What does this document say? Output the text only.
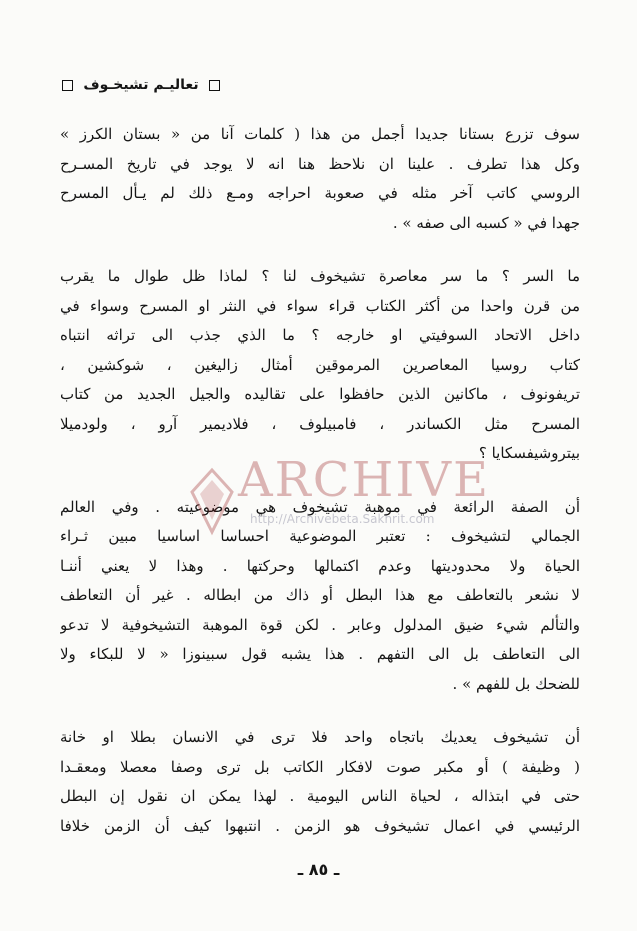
تعاليـم تشيخـوف

سوف تزرع بستانا جديدا أجمل من هذا ( كلمات آنا من « بستان الكرز »

وكل هذا تطرف . علينا ان نلاحظ هنا انه لا يوجد في تاريخ المسـرح

الروسي كاتب آخر مثله في صعوبة احراجه ومـع ذلك لم يـأل المسرح

جهدا في « كسبه الى صفه » .

ما السر ؟ ما سر معاصرة تشيخوف لنا ؟ لماذا ظل طوال ما يقرب

من قرن واحدا من أكثر الكتاب قراء سواء في النثر او المسرح وسواء في

داخل الاتحاد السوفيتي او خارجه ؟ ما الذي جذب الى تراثه انتباه

كتاب روسيا المعاصرين المرموقين أمثال زاليغين ، شوكشين ،

تريفونوف ، ماكانين الذين حافظوا على تقاليده والجيل الجديد من كتاب

المسرح مثل الكساندر ، فامبيلوف ، فلاديمير آرو ، ولودميلا

بيتروشيفسكايا ؟

أن الصفة الرائعة في موهبة تشيخوف هي موضوعيته . وفي العالم

الجمالي لتشيخوف : تعتبر الموضوعية احساسا اساسيا مبين ثـراء

الحياة ولا محدوديتها وعدم اكتمالها وحركتها . وهذا لا يعني أننـا

لا نشعر بالتعاطف مع هذا البطل أو ذاك من ابطاله . غير أن التعاطف

والتألم شيء ضيق المدلول وعابر . لكن قوة الموهبة التشيخوفية لا تدعو

الى التعاطف بل الى التفهم . هذا يشبه قول سبينوزا « لا للبكاء ولا

للضحك بل للفهم » .

أن تشيخوف يعديك باتجاه واحد فلا ترى في الانسان بطلا او خانة

( وظيفة ) أو مكبر صوت لافكار الكاتب بل ترى وصفا معصلا ومعقـدا

حتى في ابتذاله ، لحياة الناس اليومية . لهذا يمكن ان نقول إن البطل

الرئيسي في اعمال تشيخوف هو الزمن . انتبهوا كيف أن الزمن خلافا

ARCHIVE
http://Archivebeta.Sakhrit.com
ـ ٨٥ ـ
